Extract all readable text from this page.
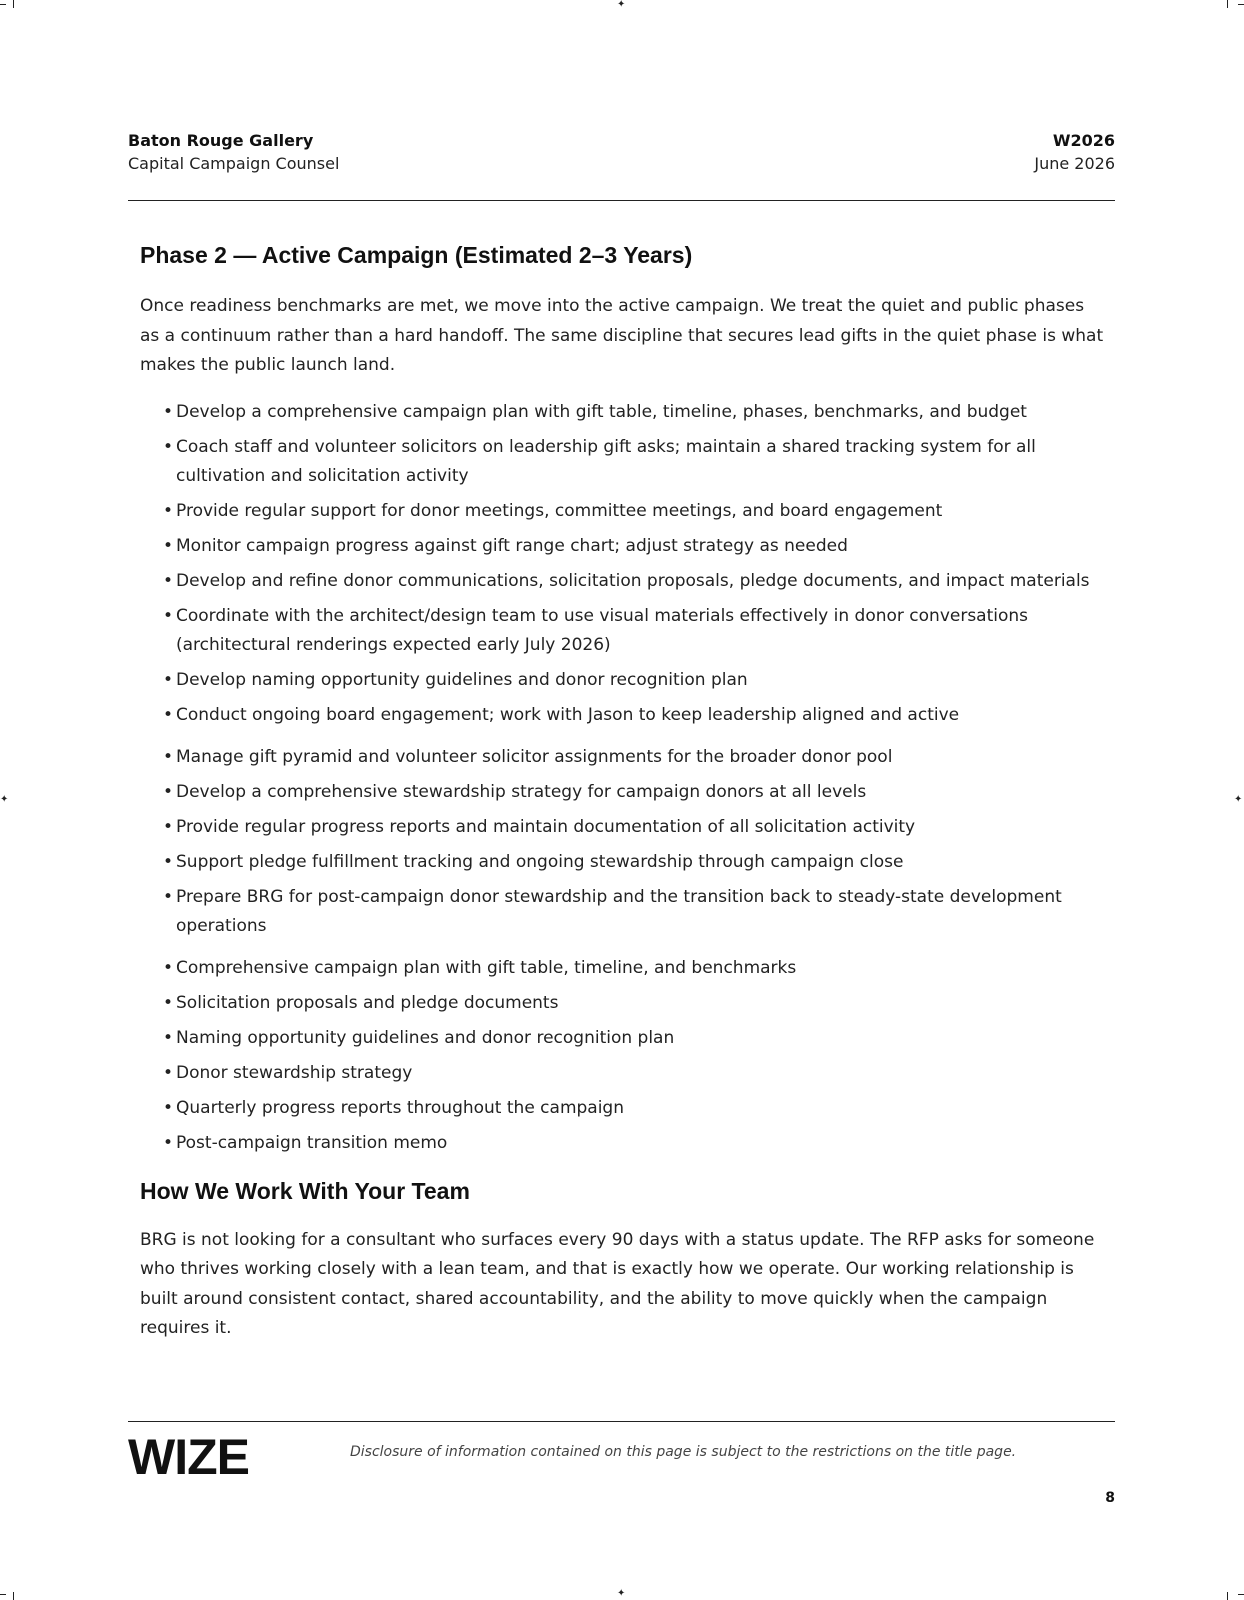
✦
✦
✦	✦
Baton Rouge Gallery
Capital Campaign Counsel
W2026
June 2026
Phase 2 — Active Campaign (Estimated 2–3 Years)

Once readiness benchmarks are met, we move into the active campaign. We treat the quiet and public phases as a continuum rather than a hard handoff. The same discipline that secures lead gifts in the quiet phase is what makes the public launch land.

• Develop a comprehensive campaign plan with gift table, timeline, phases, benchmarks, and budget
• Coach staff and volunteer solicitors on leadership gift asks; maintain a shared tracking system for all cultivation and solicitation activity
• Provide regular support for donor meetings, committee meetings, and board engagement
• Monitor campaign progress against gift range chart; adjust strategy as needed
• Develop and refine donor communications, solicitation proposals, pledge documents, and impact materials
• Coordinate with the architect/design team to use visual materials effectively in donor conversations (architectural renderings expected early July 2026)
• Develop naming opportunity guidelines and donor recognition plan
• Conduct ongoing board engagement; work with Jason to keep leadership aligned and active
• Manage gift pyramid and volunteer solicitor assignments for the broader donor pool
• Develop a comprehensive stewardship strategy for campaign donors at all levels
• Provide regular progress reports and maintain documentation of all solicitation activity
• Support pledge fulfillment tracking and ongoing stewardship through campaign close
• Prepare BRG for post-campaign donor stewardship and the transition back to steady-state development operations
• Comprehensive campaign plan with gift table, timeline, and benchmarks
• Solicitation proposals and pledge documents
• Naming opportunity guidelines and donor recognition plan
• Donor stewardship strategy
• Quarterly progress reports throughout the campaign
• Post-campaign transition memo
How We Work With Your Team

BRG is not looking for a consultant who surfaces every 90 days with a status update. The RFP asks for someone who thrives working closely with a lean team, and that is exactly how we operate. Our working relationship is built around consistent contact, shared accountability, and the ability to move quickly when the campaign requires it.

WIZE	Disclosure of information contained on this page is subject to the restrictions on the title page.
8
